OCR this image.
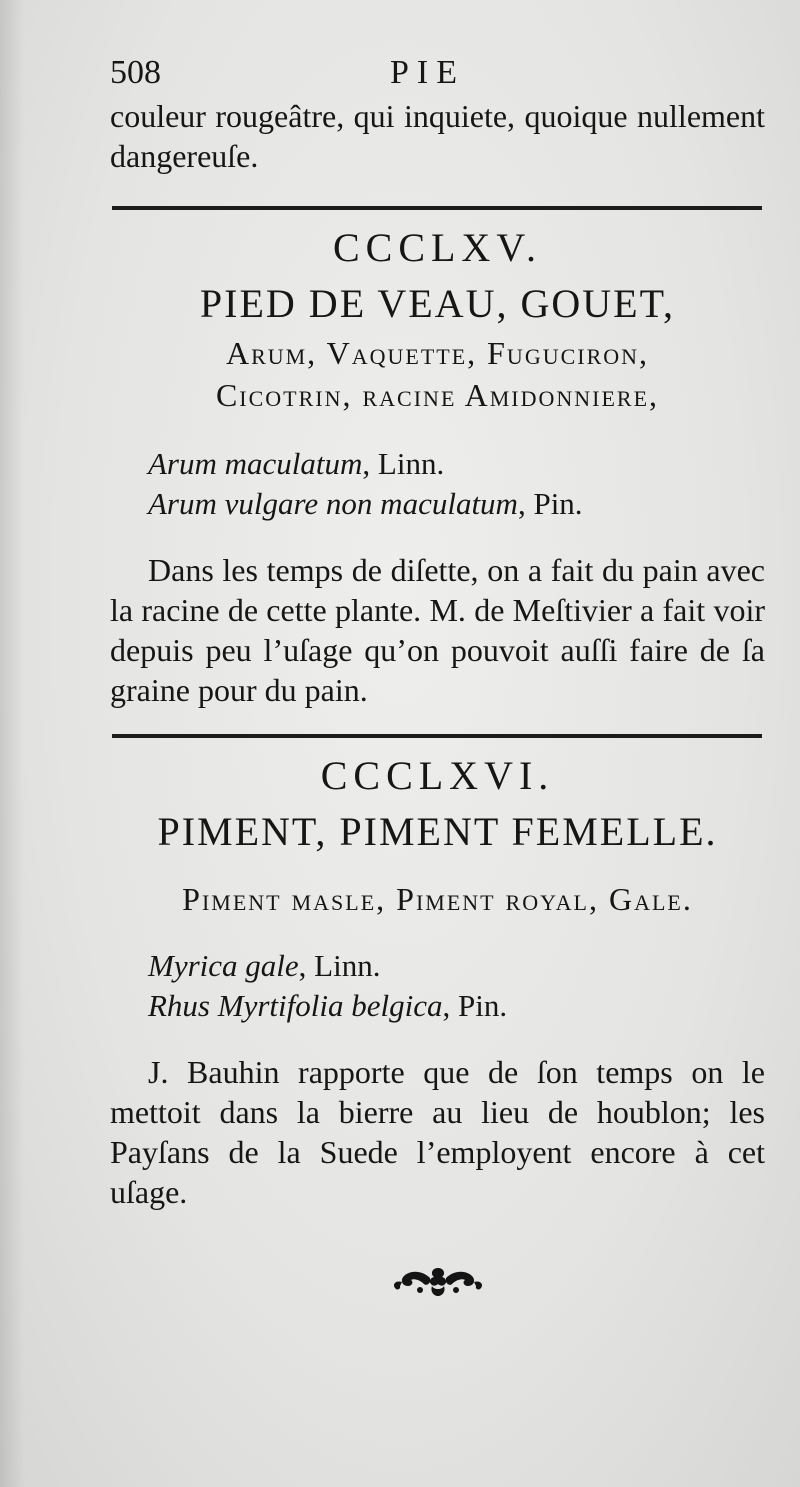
508	PIE

couleur rougeâtre, qui inquiete, quoique nullement dangereuſe.

CCCLXV.
PIED DE VEAU, GOUET,

Arum, Vaquette, Fuguciron,

Cicotrin, racine Amidonniere,

Arum maculatum, Linn.
Arum vulgare non maculatum, Pin.

Dans les temps de diſette, on a fait du pain avec la racine de cette plante. M. de Meſtivier a fait voir depuis peu l’uſage qu’on pouvoit auſſi faire de ſa graine pour du pain.

CCCLXVI.
PIMENT, PIMENT FEMELLE.

Piment masle, Piment royal, Gale.

Myrica gale, Linn.
Rhus Myrtifolia belgica, Pin.

J. Bauhin rapporte que de ſon temps on le mettoit dans la bierre au lieu de houblon; les Payſans de la Suede l’employent encore à cet uſage.
